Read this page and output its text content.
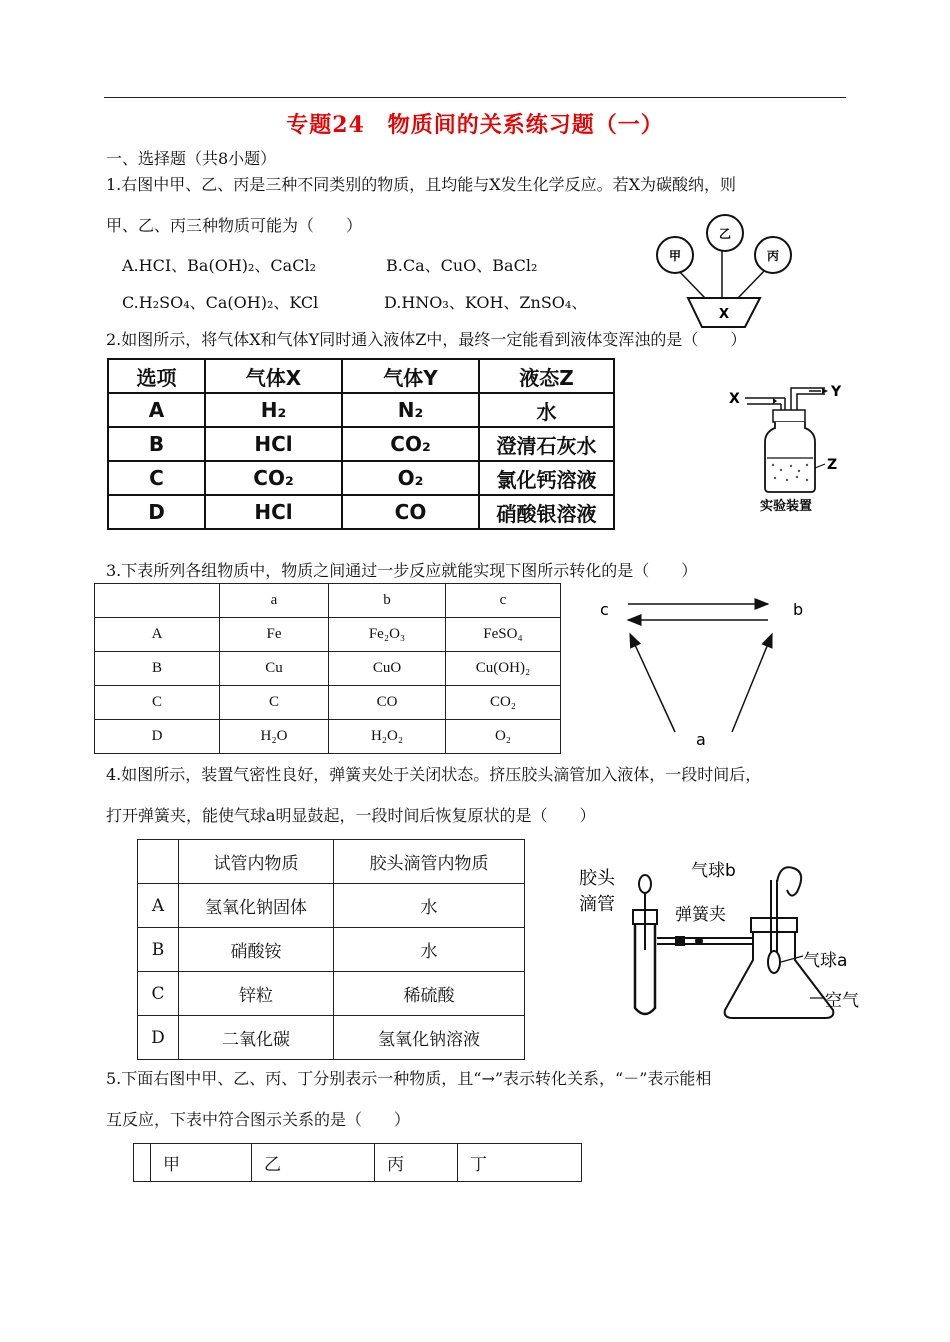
专题24　物质间的关系练习题（一）
一、选择题（共8小题）
1.右图中甲、乙、丙是三种不同类别的物质，且均能与X发生化学反应。若X为碳酸纳，则
甲、乙、丙三种物质可能为（　　）
A.HCI、Ba(OH)₂、CaCl₂	B.Ca、CuO、BaCl₂
C.H₂SO₄、Ca(OH)₂、KCl	D.HNO₃、KOH、ZnSO₄、
甲
乙
丙
X
2.如图所示，将气体X和气体Y同时通入液体Z中，最终一定能看到液体变浑浊的是（　　）
选项	气体X	气体Y	液态Z
A	H₂	N₂	水
B	HCl	CO₂	澄清石灰水
C	CO₂	O₂	氯化钙溶液
D	HCl	CO	硝酸银溶液
X	Y
Z
实验装置
3.下表所列各组物质中，物质之间通过一步反应就能实现下图所示转化的是（　　）
	a	b	c
A	Fe	Fe₂O₃	FeSO₄
B	Cu	CuO	Cu(OH)₂
C	C	CO	CO₂
D	H₂O	H₂O₂	O₂
c	b
a
4.如图所示，装置气密性良好，弹簧夹处于关闭状态。挤压胶头滴管加入液体，一段时间后，
打开弹簧夹，能使气球a明显鼓起，一段时间后恢复原状的是（　　）
	试管内物质	胶头滴管内物质
A	氢氧化钠固体	水
B	硝酸铵	水
C	锌粒	稀硫酸
D	二氧化碳	氢氧化钠溶液
胶头
滴管
气球b
弹簧夹
气球a
空气
5.下面右图中甲、乙、丙、丁分别表示一种物质，且“→”表示转化关系，“－”表示能相
互反应，下表中符合图示关系的是（　　）
	甲	乙	丙	丁
